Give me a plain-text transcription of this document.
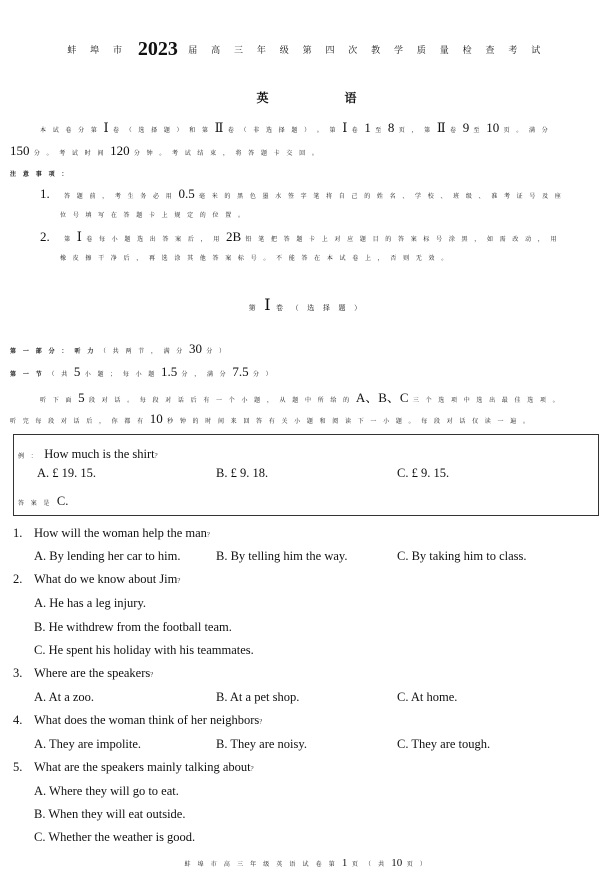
蚌 埠 市 2023 届 高 三 年 级 第 四 次 教 学 质 量 检 查 考 试
英	语
本 试 卷 分 第 Ⅰ 卷 （ 选 择 题 ） 和 第 Ⅱ 卷 （ 非 选 择 题 ） 。 第 Ⅰ 卷 1 至 8 页 ， 第 Ⅱ 卷 9 至 10 页 。 满 分
150 分 。 考 试 时 间 120 分 钟 。 考 试 结 束 ， 将 答 题 卡 交 回 。
注 意 事 项 ：
1. 答 题 前 ， 考 生 务 必 用 0.5 毫 米 的 黑 色 墨 水 签 字 笔 将 自 己 的 姓 名 、 学 校 、 班 级 、 准 考 证 号 及 座
位 号 填 写 在 答 题 卡 上 规 定 的 位 置 。
2. 第 Ⅰ 卷 每 小 题 选 出 答 案 后 ， 用 2B 铅 笔 把 答 题 卡 上 对 应 题 目 的 答 案 标 号 涂 黑 ， 如 需 改 动 ， 用
橡 皮 擦 干 净 后 ， 再 选 涂 其 他 答 案 标 号 。 不 能 答 在 本 试 卷 上 ， 否 则 无 效 。
第 Ⅰ 卷 （ 选 择 题 ）
第 一 部 分 ： 听 力 （ 共 两 节 ， 满 分 30 分 ）
第 一 节 （ 共 5 小 题 ； 每 小 题 1.5 分 ， 满 分 7.5 分 ）
听 下 面 5 段 对 话 。 每 段 对 话 后 有 一 个 小 题 ， 从 题 中 所 给 的 A、B、C 三 个 选 项 中 选 出 最 佳 选 项 。
听 完 每 段 对 话 后 ， 你 都 有 10 秒 钟 的 时 间 来 回 答 有 关 小 题 和 阅 读 下 一 小 题 。 每 段 对 话 仅 读 一 遍 。
例 ： How much is the shirt？
A. £ 19. 15.	B. £ 9. 18.	C. £ 9. 15.
答 案 是 C.
1. How will the woman help the man？
A. By lending her car to him.	B. By telling him the way.	C. By taking him to class.
2. What do we know about Jim？
A. He has a leg injury.
B. He withdrew from the football team.
C. He spent his holiday with his teammates.
3. Where are the speakers？
A. At a zoo.	B. At a pet shop.	C. At home.
4. What does the woman think of her neighbors？
A. They are impolite.	B. They are noisy.	C. They are tough.
5. What are the speakers mainly talking about？
A. Where they will go to eat.
B. When they will eat outside.
C. Whether the weather is good.
蚌 埠 市 高 三 年 级 英 语 试 卷 第 1 页 （ 共 10 页 ）
